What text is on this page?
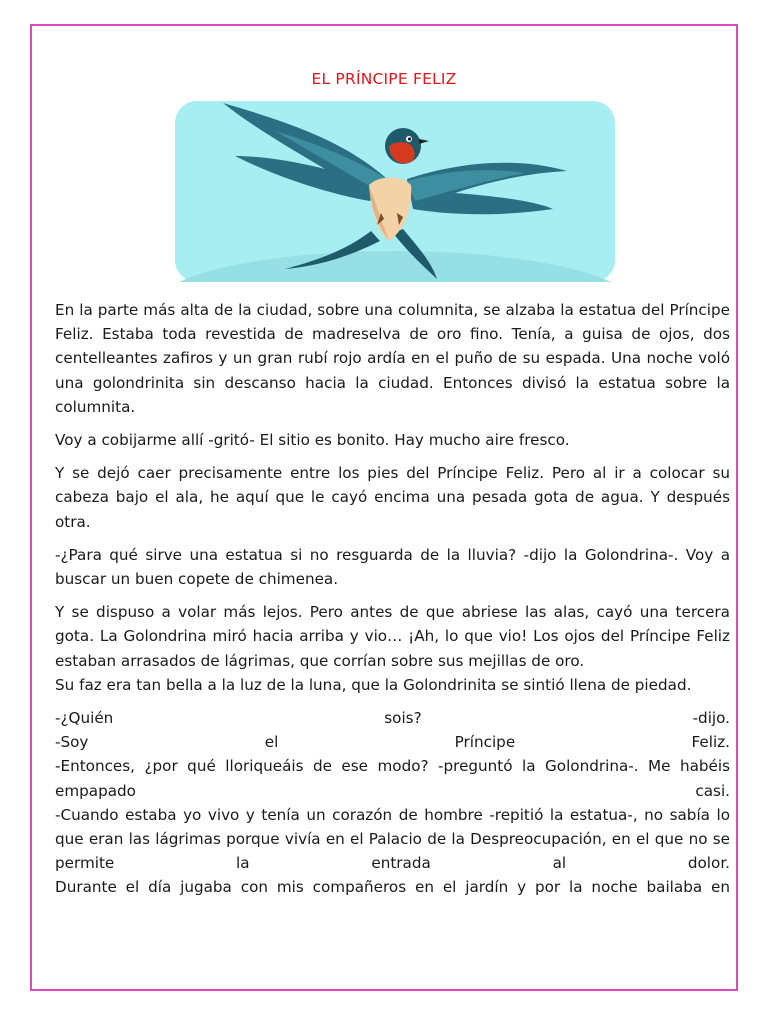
EL PRÍNCIPE FELIZ

En la parte más alta de la ciudad, sobre una columnita, se alzaba la estatua del Príncipe Feliz. Estaba toda revestida de madreselva de oro fino. Tenía, a guisa de ojos, dos centelleantes zafiros y un gran rubí rojo ardía en el puño de su espada. Una noche voló una golondrinita sin descanso hacia la ciudad. Entonces divisó la estatua sobre la columnita.

Voy a cobijarme allí -gritó- El sitio es bonito. Hay mucho aire fresco.

Y se dejó caer precisamente entre los pies del Príncipe Feliz. Pero al ir a colocar su cabeza bajo el ala, he aquí que le cayó encima una pesada gota de agua. Y después otra.

-¿Para qué sirve una estatua si no resguarda de la lluvia? -dijo la Golondrina-. Voy a buscar un buen copete de chimenea.

Y se dispuso a volar más lejos. Pero antes de que abriese las alas, cayó una tercera gota. La Golondrina miró hacia arriba y vio… ¡Ah, lo que vio! Los ojos del Príncipe Feliz estaban arrasados de lágrimas, que corrían sobre sus mejillas de oro.
Su faz era tan bella a la luz de la luna, que la Golondrinita se sintió llena de piedad.
-¿Quién sois? -dijo.
-Soy el Príncipe Feliz.
-Entonces, ¿por qué lloriqueáis de ese modo? -preguntó la Golondrina-. Me habéis empapado casi.
-Cuando estaba yo vivo y tenía un corazón de hombre -repitió la estatua-, no sabía lo que eran las lágrimas porque vivía en el Palacio de la Despreocupación, en el que no se permite la entrada al dolor.
Durante el día jugaba con mis compañeros en el jardín y por la noche bailaba en
